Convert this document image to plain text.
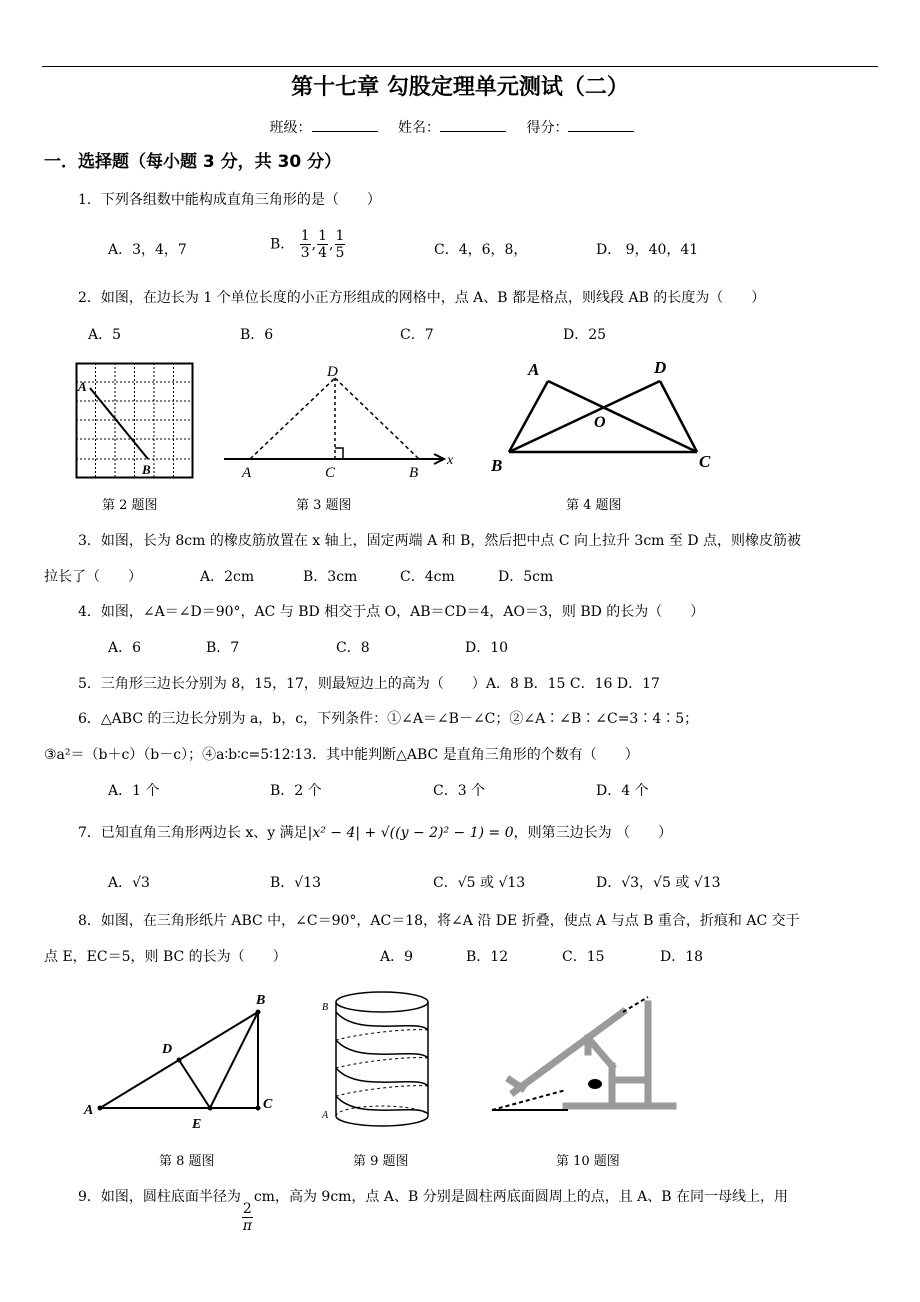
第十七章 勾股定理单元测试（二）
班级：	姓名：	得分：
一．选择题（每小题 3 分，共 30 分）
1．下列各组数中能构成直角三角形的是（　　）
A．3，4，7	B． $\frac{1}{3}$ , $\frac{1}{4}$ , $\frac{1}{5}$	C．4，6，8，	D． 9，40，41
2．如图，在边长为 1 个单位长度的小正方形组成的网格中，点 A、B 都是格点，则线段 AB 的长度为（　　）
A．5	B．6	C．7	D．25
A
B
第 2 题图
D
A	C	B
x
第 3 题图
A	D
O
B	C
第 4 题图
3．如图，长为 8cm 的橡皮筋放置在 x 轴上，固定两端 A 和 B，然后把中点 C 向上拉升 3cm 至 D 点，则橡皮筋被
拉长了（　　）	A．2cm	B．3cm	C．4cm	D．5cm
4．如图，∠A＝∠D＝90°，AC 与 BD 相交于点 O，AB＝CD＝4，AO＝3，则 BD 的长为（　　）
A．6	B．7	C．8	D．10
5．三角形三边长分别为 8，15，17，则最短边上的高为（　　）A．8 B．15 C．16 D．17
6．△ABC 的三边长分别为 a，b，c，下列条件：①∠A＝∠B－∠C；②∠A∶∠B∶∠C=3∶4∶5；
③a²＝（b＋c）（b－c）；④a∶b∶c=5∶12∶13．其中能判断△ABC 是直角三角形的个数有（　　）
A．1 个	B．2 个	C．3 个	D．4 个
7．已知直角三角形两边长 x、y 满足|x² − 4| + √((y − 2)² − 1) = 0，则第三边长为 （　　）
A．√3	B．√13	C．√5 或 √13	D．√3，√5 或 √13
8．如图，在三角形纸片 ABC 中，∠C＝90°，AC＝18，将∠A 沿 DE 折叠，使点 A 与点 B 重合，折痕和 AC 交于
点 E，EC＝5，则 BC 的长为（　　）	A．9	B．12	C．15	D．18
A
B
C
D
E
第 8 题图
B
A
第 9 题图	第 10 题图
9．如图，圆柱底面半径为
$\frac{2}{\pi}$
cm，高为 9cm，点 A、B 分别是圆柱两底面圆周上的点，且 A、B 在同一母线上，用
